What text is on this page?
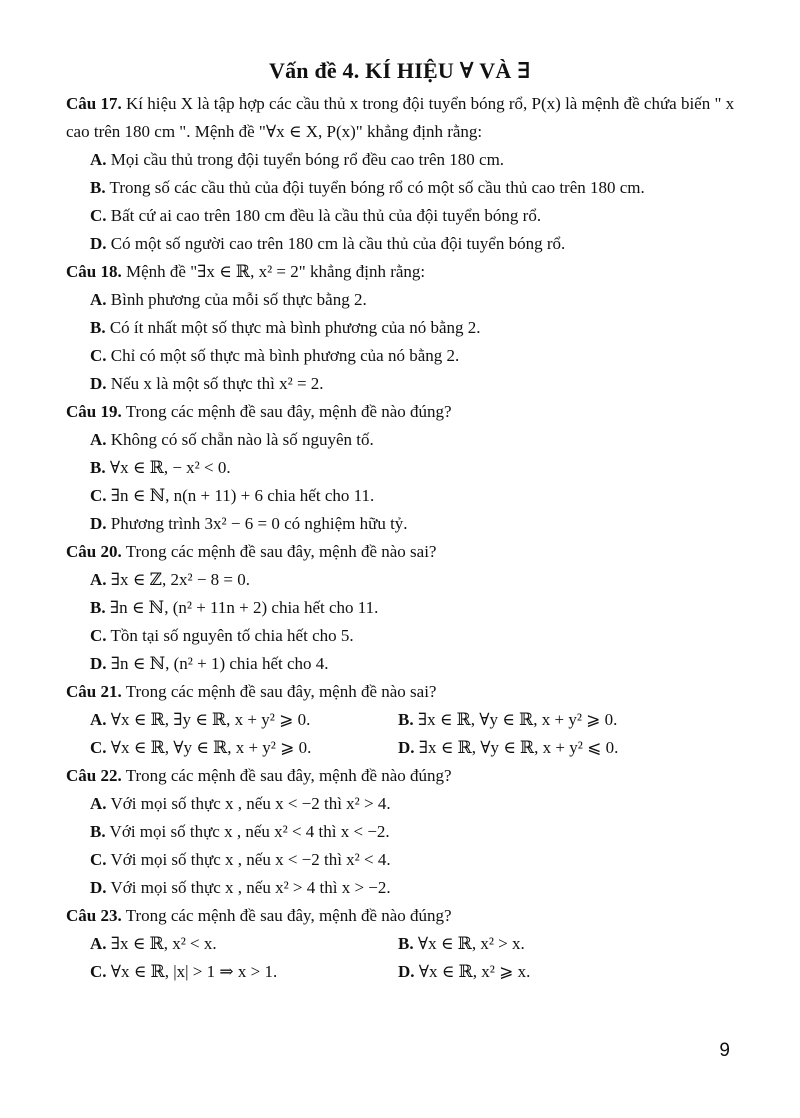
Vấn đề 4. KÍ HIỆU ∀ VÀ ∃
Câu 17. Kí hiệu X là tập hợp các cầu thủ x trong đội tuyển bóng rổ, P(x) là mệnh đề chứa biến " x cao trên 180 cm ". Mệnh đề "∀x ∈ X, P(x)" khẳng định rằng:
A. Mọi cầu thủ trong đội tuyển bóng rổ đều cao trên 180 cm.
B. Trong số các cầu thủ của đội tuyển bóng rổ có một số cầu thủ cao trên 180 cm.
C. Bất cứ ai cao trên 180 cm đều là cầu thủ của đội tuyển bóng rổ.
D. Có một số người cao trên 180 cm là cầu thủ của đội tuyển bóng rổ.
Câu 18. Mệnh đề "∃x ∈ ℝ, x² = 2" khẳng định rằng:
A. Bình phương của mỗi số thực bằng 2.
B. Có ít nhất một số thực mà bình phương của nó bằng 2.
C. Chỉ có một số thực mà bình phương của nó bằng 2.
D. Nếu x là một số thực thì x² = 2.
Câu 19. Trong các mệnh đề sau đây, mệnh đề nào đúng?
A. Không có số chẵn nào là số nguyên tố.
B. ∀x ∈ ℝ, − x² < 0.
C. ∃n ∈ ℕ, n(n + 11) + 6 chia hết cho 11.
D. Phương trình 3x² − 6 = 0 có nghiệm hữu tỷ.
Câu 20. Trong các mệnh đề sau đây, mệnh đề nào sai?
A. ∃x ∈ ℤ, 2x² − 8 = 0.
B. ∃n ∈ ℕ, (n² + 11n + 2) chia hết cho 11.
C. Tồn tại số nguyên tố chia hết cho 5.
D. ∃n ∈ ℕ, (n² + 1) chia hết cho 4.
Câu 21. Trong các mệnh đề sau đây, mệnh đề nào sai?
A. ∀x ∈ ℝ, ∃y ∈ ℝ, x + y² ⩾ 0.	B. ∃x ∈ ℝ, ∀y ∈ ℝ, x + y² ⩾ 0.
C. ∀x ∈ ℝ, ∀y ∈ ℝ, x + y² ⩾ 0.	D. ∃x ∈ ℝ, ∀y ∈ ℝ, x + y² ⩽ 0.
Câu 22. Trong các mệnh đề sau đây, mệnh đề nào đúng?
A. Với mọi số thực x , nếu x < −2 thì x² > 4.
B. Với mọi số thực x , nếu x² < 4 thì x < −2.
C. Với mọi số thực x , nếu x < −2 thì x² < 4.
D. Với mọi số thực x , nếu x² > 4 thì x > −2.
Câu 23. Trong các mệnh đề sau đây, mệnh đề nào đúng?
A. ∃x ∈ ℝ, x² < x.	B. ∀x ∈ ℝ, x² > x.
C. ∀x ∈ ℝ, |x| > 1 ⇒ x > 1.	D. ∀x ∈ ℝ, x² ⩾ x.
9
